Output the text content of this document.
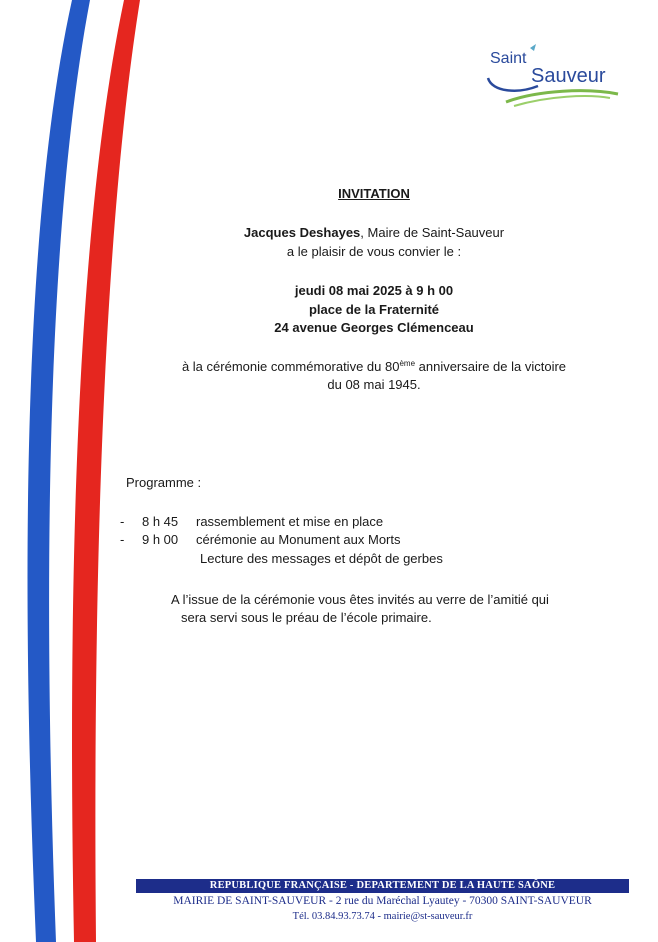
Saint
Sauveur
INVITATION
Jacques Deshayes, Maire de Saint-Sauveur
a le plaisir de vous convier le :
jeudi 08 mai 2025 à 9 h 00
place de la Fraternité
24 avenue Georges Clémenceau
à la cérémonie commémorative du 80ème anniversaire de la victoire
du 08 mai 1945.
Programme :
- 8 h 45 rassemblement et mise en place
- 9 h 00 cérémonie au Monument aux Morts
Lecture des messages et dépôt de gerbes
A l’issue de la cérémonie vous êtes invités au verre de l’amitié qui
sera servi sous le préau de l’école primaire.
REPUBLIQUE FRANÇAISE - DEPARTEMENT DE LA HAUTE SAÔNE
MAIRIE DE SAINT-SAUVEUR - 2 rue du Maréchal Lyautey - 70300 SAINT-SAUVEUR
Tél. 03.84.93.73.74 - mairie@st-sauveur.fr
